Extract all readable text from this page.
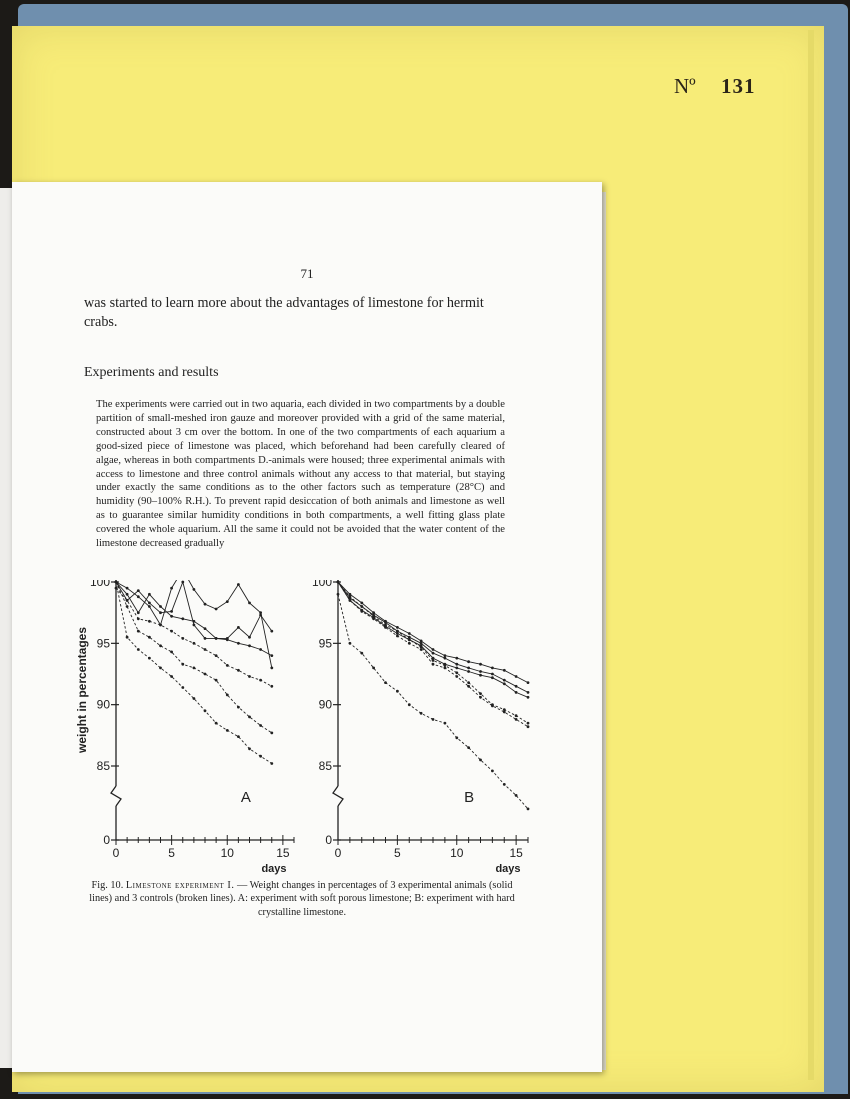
Nº 131
71

was started to learn more about the advantages of limestone for hermit crabs.

Experiments and results

The experiments were carried out in two aquaria, each divided in two compartments by a double partition of small-meshed iron gauze and moreover provided with a grid of the same material, constructed about 3 cm over the bottom. In one of the two compartments of each aquarium a good-sized piece of limestone was placed, which beforehand had been carefully cleared of algae, whereas in both compartments D.-animals were housed; three experimental animals with access to limestone and three control animals without any access to that material, but staying under exactly the same conditions as to the other factors such as temperature (28°C) and humidity (90–100% R.H.). To prevent rapid desiccation of both animals and limestone as well as to guarantee similar humidity conditions in both compartments, a well fitting glass plate covered the whole aquarium. All the same it could not be avoided that the water content of the limestone decreased gradually

100
95
90
85
0
0	5	10	15
days
A
weight in percentages
100
95
90
85
0
0	5	10	15
days
B

Fig. 10. Limestone experiment I. — Weight changes in percentages of 3 experimental animals (solid lines) and 3 controls (broken lines). A: experiment with soft porous limestone; B: experiment with hard crystalline limestone.
